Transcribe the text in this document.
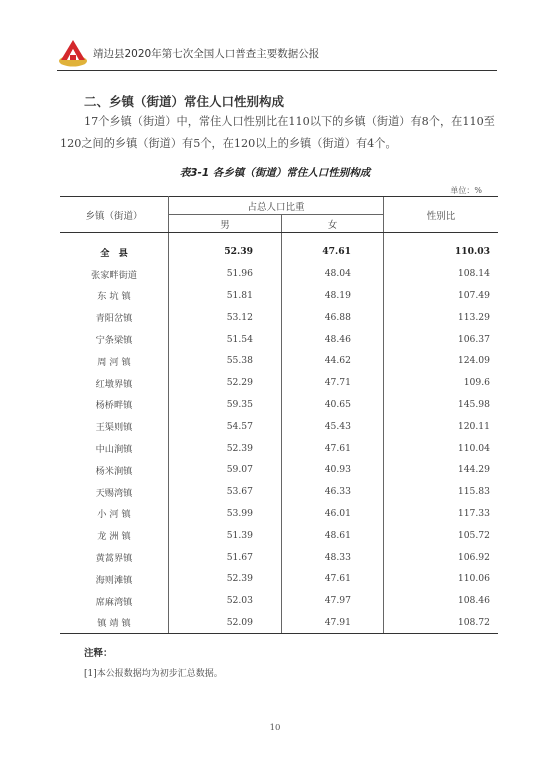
靖边县2020年第七次全国人口普查主要数据公报
二、乡镇（街道）常住人口性别构成

17个乡镇（街道）中，常住人口性别比在110以下的乡镇（街道）有8个，在110至120之间的乡镇（街道）有5个，在120以上的乡镇（街道）有4个。

表3-1 各乡镇（街道）常住人口性别构成
单位：%
乡镇（街道）	占总人口比重		性别比
	男	女	
全　县	52.39	47.61	110.03
张家畔街道	51.96	48.04	108.14
东 坑 镇	51.81	48.19	107.49
青阳岔镇	53.12	46.88	113.29
宁条梁镇	51.54	48.46	106.37
周 河 镇	55.38	44.62	124.09
红墩界镇	52.29	47.71	109.6
杨桥畔镇	59.35	40.65	145.98
王渠则镇	54.57	45.43	120.11
中山涧镇	52.39	47.61	110.04
杨米涧镇	59.07	40.93	144.29
天赐湾镇	53.67	46.33	115.83
小 河 镇	53.99	46.01	117.33
龙 洲 镇	51.39	48.61	105.72
黄蒿界镇	51.67	48.33	106.92
海则滩镇	52.39	47.61	110.06
席麻湾镇	52.03	47.97	108.46
镇 靖 镇	52.09	47.91	108.72
注释：
[1]本公报数据均为初步汇总数据。
10
